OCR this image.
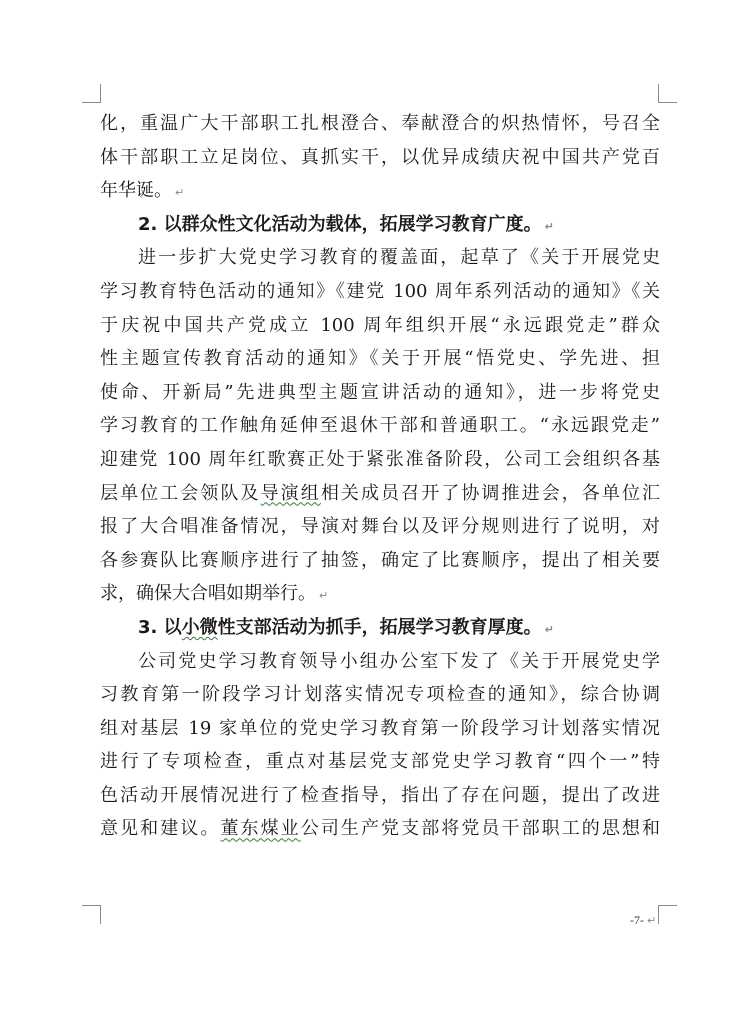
化，重温广大干部职工扎根澄合、奉献澄合的炽热情怀，号召全
体干部职工立足岗位、真抓实干，以优异成绩庆祝中国共产党百
年华诞。 ↵
2. 以群众性文化活动为载体，拓展学习教育广度。 ↵
进一步扩大党史学习教育的覆盖面，起草了《关于开展党史
学习教育特色活动的通知》《建党 100 周年系列活动的通知》《关
于庆祝中国共产党成立 100 周年组织开展“永远跟党走”群众
性主题宣传教育活动的通知》《关于开展“悟党史、学先进、担
使命、开新局”先进典型主题宣讲活动的通知》，进一步将党史
学习教育的工作触角延伸至退休干部和普通职工。“永远跟党走”
迎建党 100 周年红歌赛正处于紧张准备阶段，公司工会组织各基
层单位工会领队及导演组相关成员召开了协调推进会，各单位汇
报了大合唱准备情况，导演对舞台以及评分规则进行了说明，对
各参赛队比赛顺序进行了抽签，确定了比赛顺序，提出了相关要
求，确保大合唱如期举行。 ↵
3. 以小微性支部活动为抓手，拓展学习教育厚度。 ↵
公司党史学习教育领导小组办公室下发了《关于开展党史学
习教育第一阶段学习计划落实情况专项检查的通知》，综合协调
组对基层 19 家单位的党史学习教育第一阶段学习计划落实情况
进行了专项检查，重点对基层党支部党史学习教育“四个一”特
色活动开展情况进行了检查指导，指出了存在问题，提出了改进
意见和建议。董东煤业公司生产党支部将党员干部职工的思想和
-7- ↵
